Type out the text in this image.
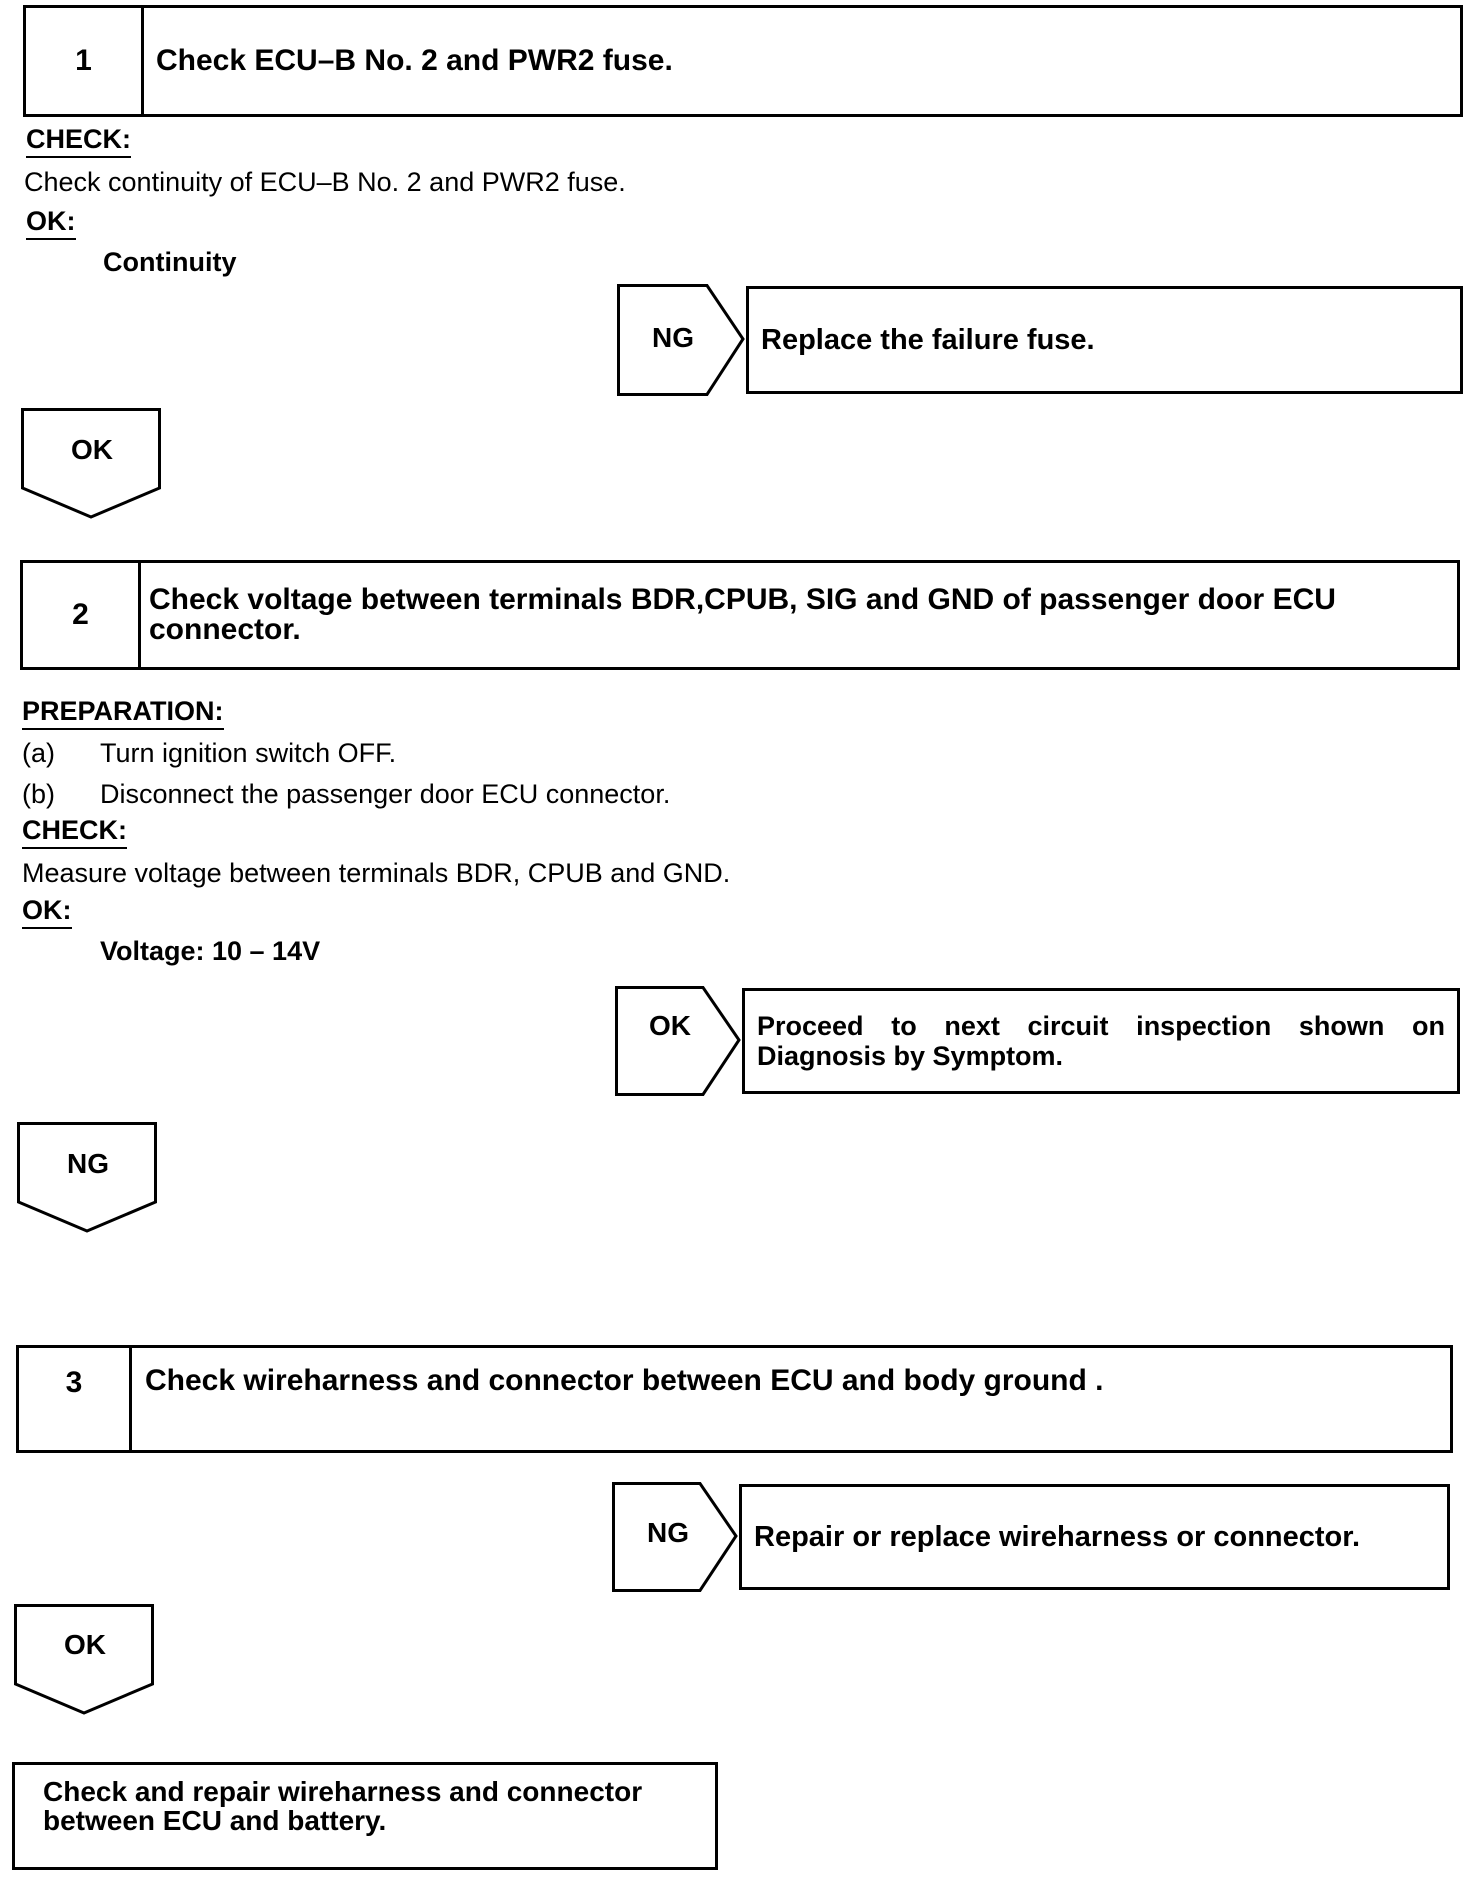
1	Check ECU–B No. 2 and PWR2 fuse.
CHECK:
Check continuity of ECU–B No. 2 and PWR2 fuse.
OK:
Continuity
NG	Replace the failure fuse.
OK
2	Check voltage between terminals BDR,CPUB, SIG and GND of passenger door ECU connector.
PREPARATION:
(a) Turn ignition switch OFF.
(b) Disconnect the passenger door ECU connector.
CHECK:
Measure voltage between terminals BDR, CPUB and GND.
OK:
Voltage: 10 – 14V
OK	Proceed to next circuit inspection shown on Diagnosis by Symptom.
NG
3	Check wireharness and connector between ECU and body ground .
NG	Repair or replace wireharness or connector.
OK
Check and repair wireharness and connector between ECU and battery.
